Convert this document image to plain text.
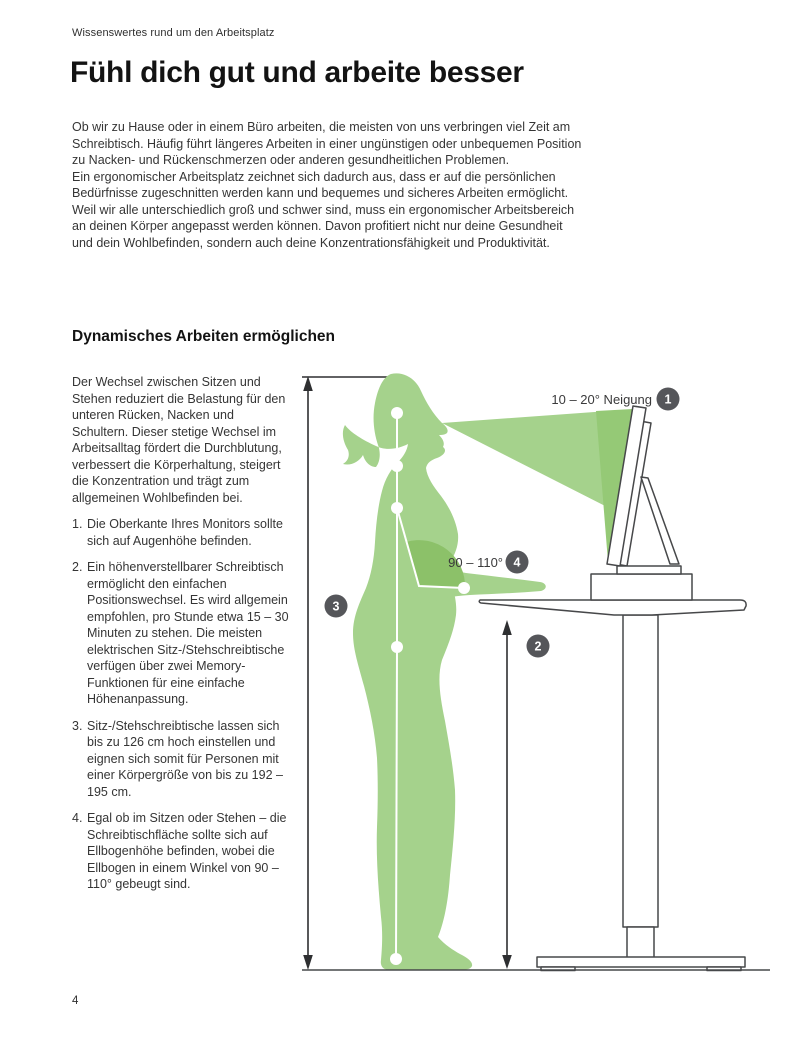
Wissenswertes rund um den Arbeitsplatz
Fühl dich gut und arbeite besser

Ob wir zu Hause oder in einem Büro arbeiten, die meisten von uns verbringen viel Zeit am Schreibtisch. Häufig führt längeres Arbeiten in einer ungünstigen oder unbequemen Position zu Nacken- und Rückenschmerzen oder anderen gesundheitlichen Problemen.

Ein ergonomischer Arbeitsplatz zeichnet sich dadurch aus, dass er auf die persönlichen Bedürfnisse zugeschnitten werden kann und bequemes und sicheres Arbeiten ermöglicht. Weil wir alle unterschiedlich groß und schwer sind, muss ein ergonomischer Arbeitsbereich an deinen Körper angepasst werden können. Davon profitiert nicht nur deine Gesundheit und dein Wohlbefinden, sondern auch deine Konzentrationsfähigkeit und Produktivität.

Dynamisches Arbeiten ermöglichen

Der Wechsel zwischen Sitzen und Stehen reduziert die Belastung für den unteren Rücken, Nacken und Schultern. Dieser stetige Wechsel im Arbeitsalltag fördert die Durchblutung, verbessert die Körperhaltung, steigert die Konzentration und trägt zum allgemeinen Wohlbefinden bei.

1. Die Oberkante Ihres Monitors sollte sich auf Augenhöhe befinden.
2. Ein höhenverstellbarer Schreibtisch ermöglicht den einfachen Positionswechsel. Es wird allgemein empfohlen, pro Stunde etwa 15 – 30 Minuten zu stehen. Die meisten elektrischen Sitz-/Stehschreibtische verfügen über zwei Memory-Funktionen für eine einfache Höhenanpassung.
3. Sitz-/Stehschreibtische lassen sich bis zu 126 cm hoch einstellen und eignen sich somit für Personen mit einer Körpergröße von bis zu 192 – 195 cm.
4. Egal ob im Sitzen oder Stehen – die Schreibtischfläche sollte sich auf Ellbogenhöhe befinden, wobei die Ellbogen in einem Winkel von 90 – 110° gebeugt sind.
10 – 20° Neigung
90 – 110°
1
2
3
4
4
